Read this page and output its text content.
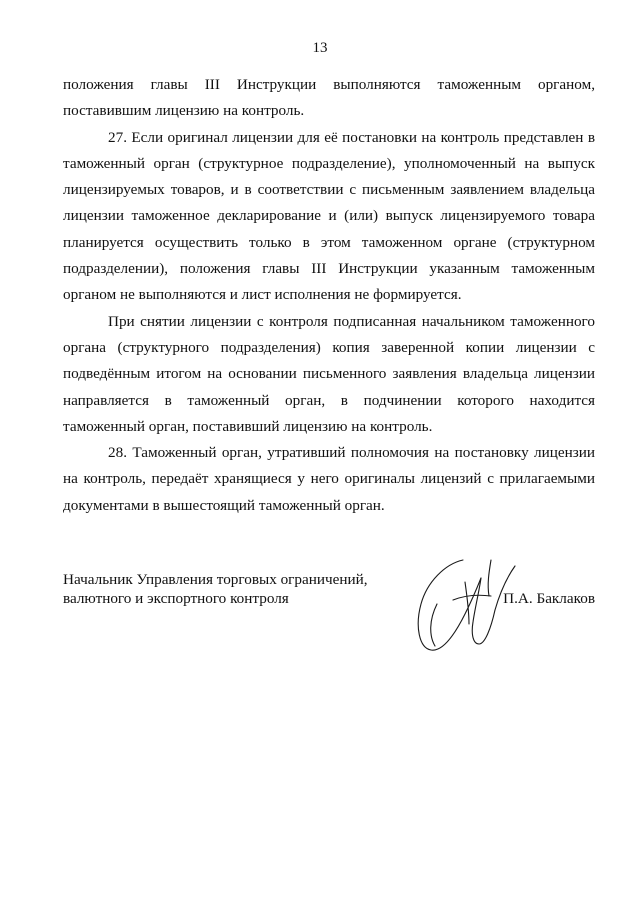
13

положения главы III Инструкции выполняются таможенным органом, поставившим лицензию на контроль.

27. Если оригинал лицензии для её постановки на контроль представлен в таможенный орган (структурное подразделение), уполномоченный на выпуск лицензируемых товаров, и в соответствии с письменным заявлением владельца лицензии таможенное декларирование и (или) выпуск лицензируемого товара планируется осуществить только в этом таможенном органе (структурном подразделении), положения главы III Инструкции указанным таможенным органом не выполняются и лист исполнения не формируется.

При снятии лицензии с контроля подписанная начальником таможенного органа (структурного подразделения) копия заверенной копии лицензии с подведённым итогом на основании письменного заявления владельца лицензии направляется в таможенный орган, в подчинении которого находится таможенный орган, поставивший лицензию на контроль.

28. Таможенный орган, утративший полномочия на постановку лицензии на контроль, передаёт хранящиеся у него оригиналы лицензий с прилагаемыми документами в вышестоящий таможенный орган.

Начальник Управления торговых ограничений,
валютного и экспортного контроля	П.А. Баклаков
